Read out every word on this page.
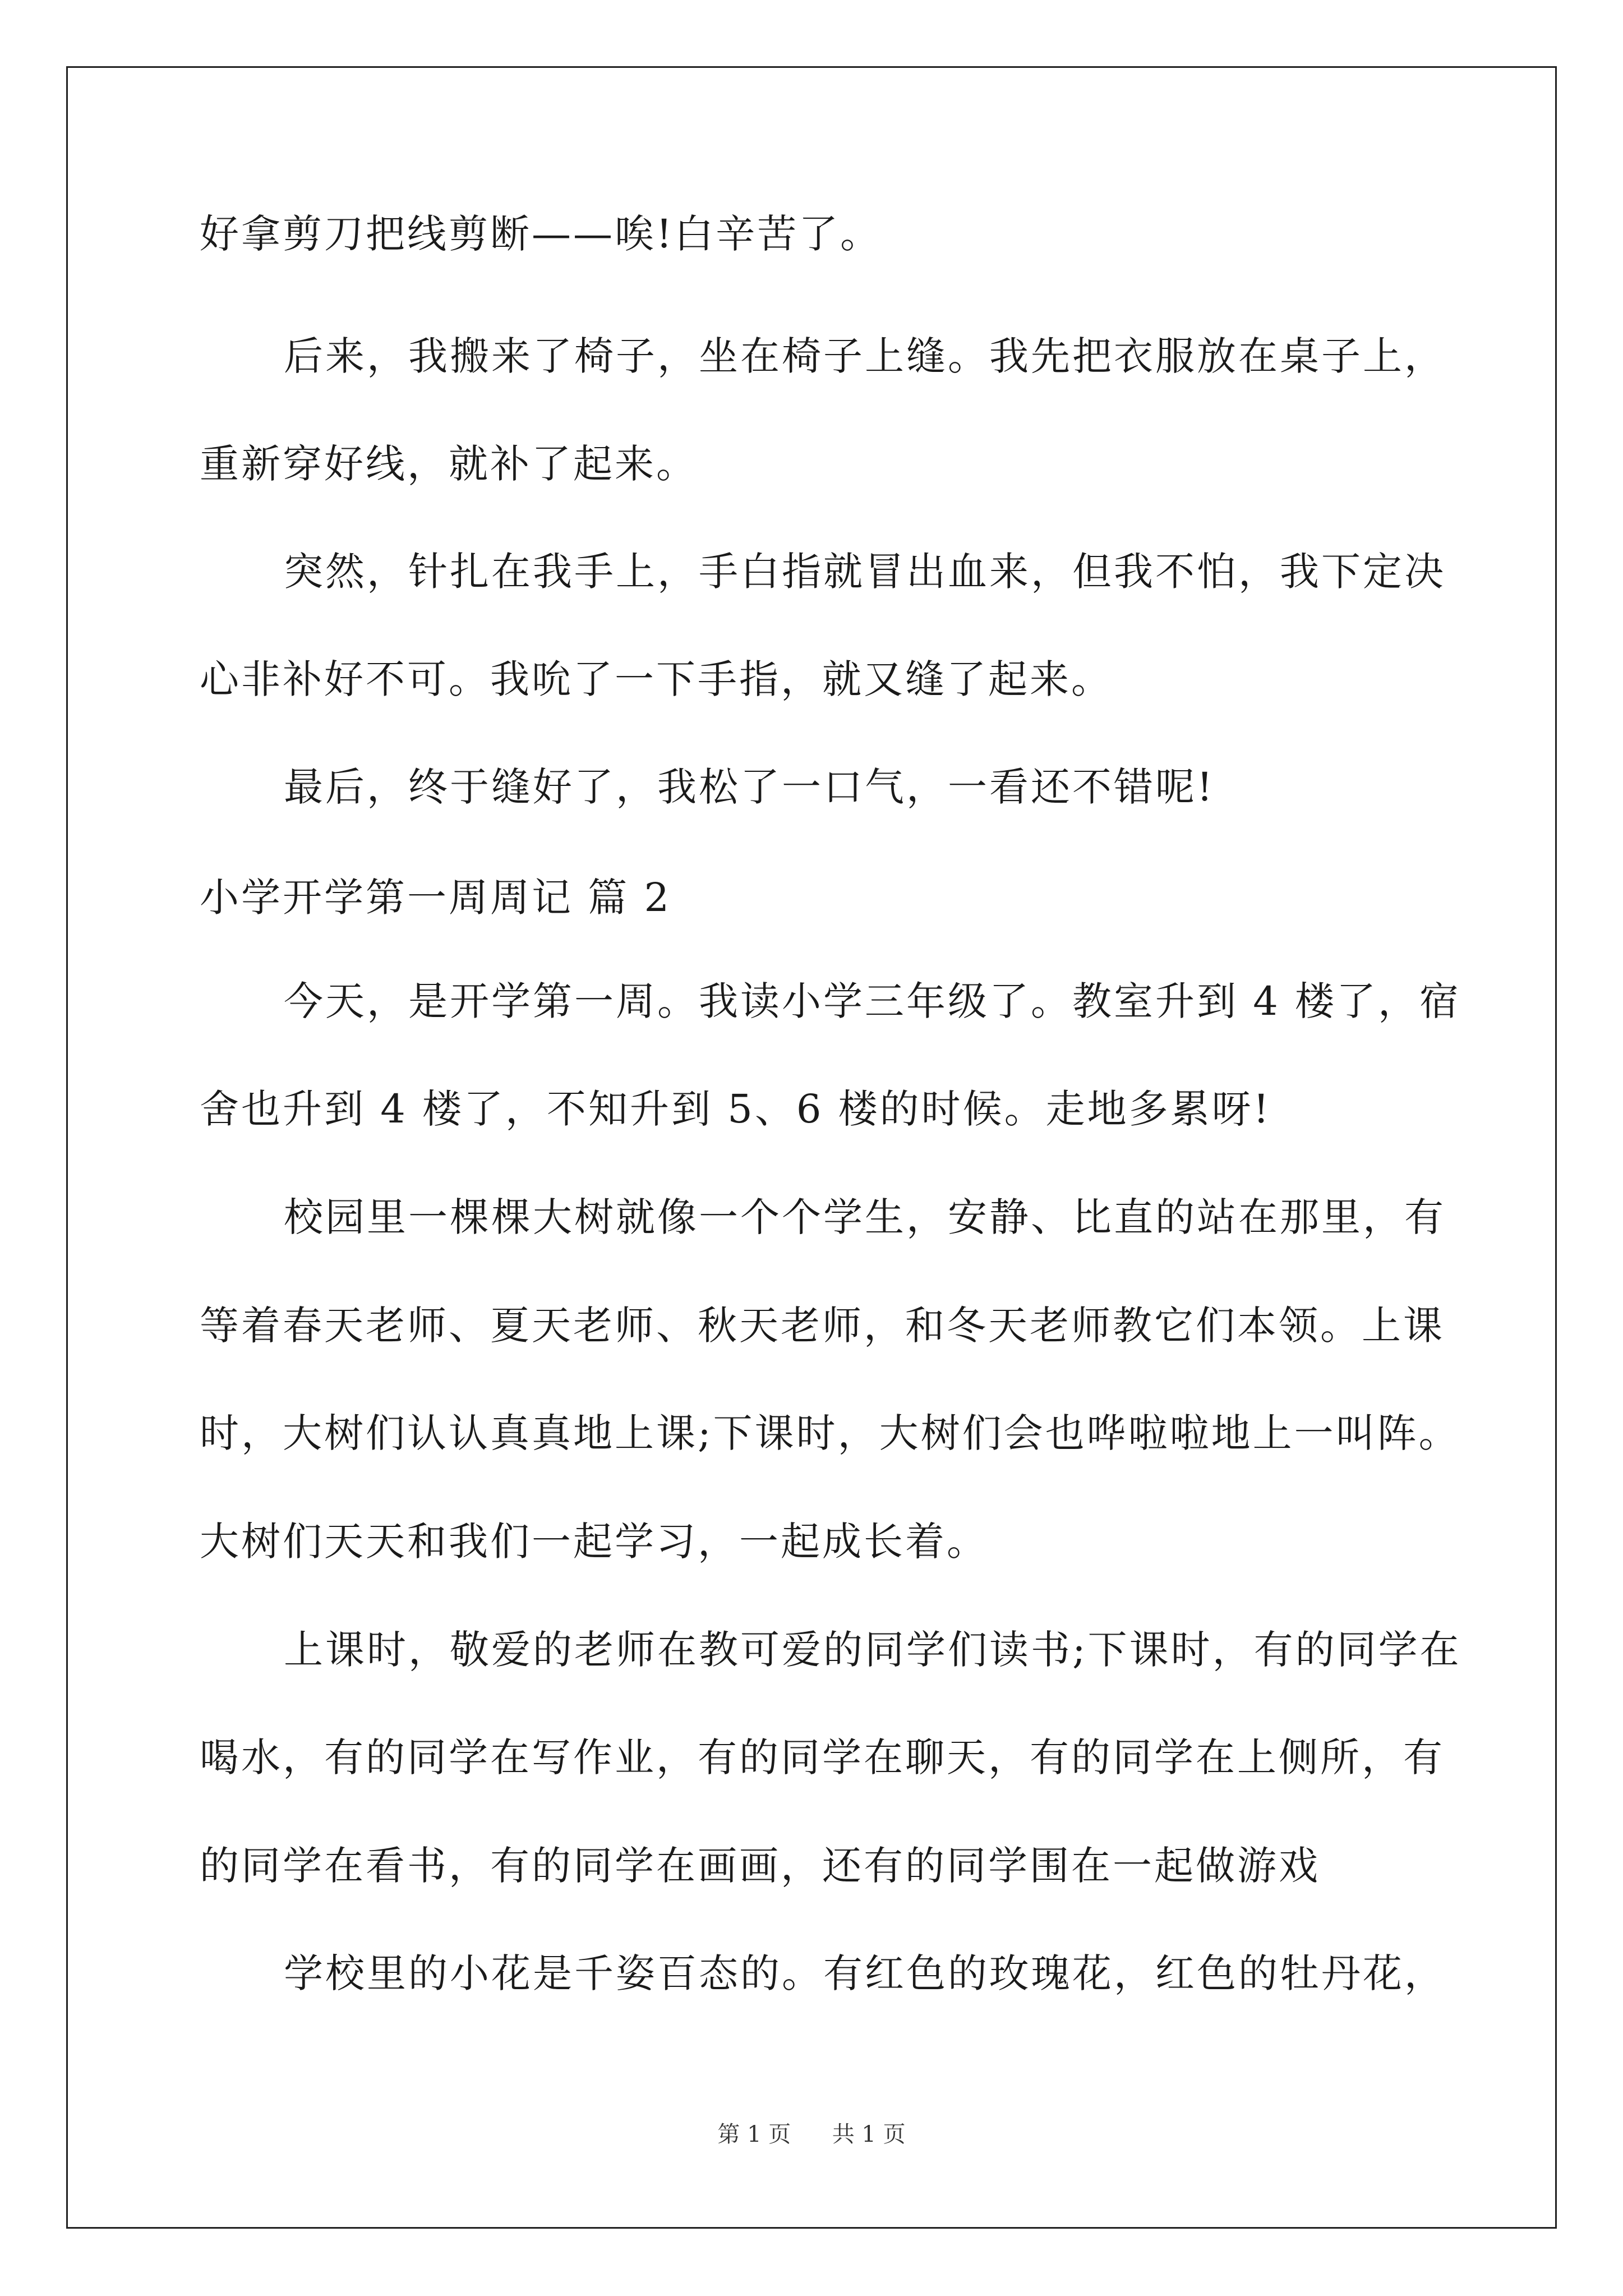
好拿剪刀把线剪断——唉!白辛苦了。
后来，我搬来了椅子，坐在椅子上缝。我先把衣服放在桌子上，
重新穿好线，就补了起来。
突然，针扎在我手上，手白指就冒出血来，但我不怕，我下定决
心非补好不可。我吮了一下手指，就又缝了起来。
最后，终于缝好了，我松了一口气，一看还不错呢!
小学开学第一周周记 篇 2
今天，是开学第一周。我读小学三年级了。教室升到 4 楼了，宿
舍也升到 4 楼了，不知升到 5、6 楼的时候。走地多累呀!
校园里一棵棵大树就像一个个学生，安静、比直的站在那里，有
等着春天老师、夏天老师、秋天老师，和冬天老师教它们本领。上课
时，大树们认认真真地上课;下课时，大树们会也哗啦啦地上一叫阵。
大树们天天和我们一起学习，一起成长着。
上课时，敬爱的老师在教可爱的同学们读书;下课时，有的同学在
喝水，有的同学在写作业，有的同学在聊天，有的同学在上侧所，有
的同学在看书，有的同学在画画，还有的同学围在一起做游戏
学校里的小花是千姿百态的。有红色的玫瑰花，红色的牡丹花，
第 1 页 共 1 页
